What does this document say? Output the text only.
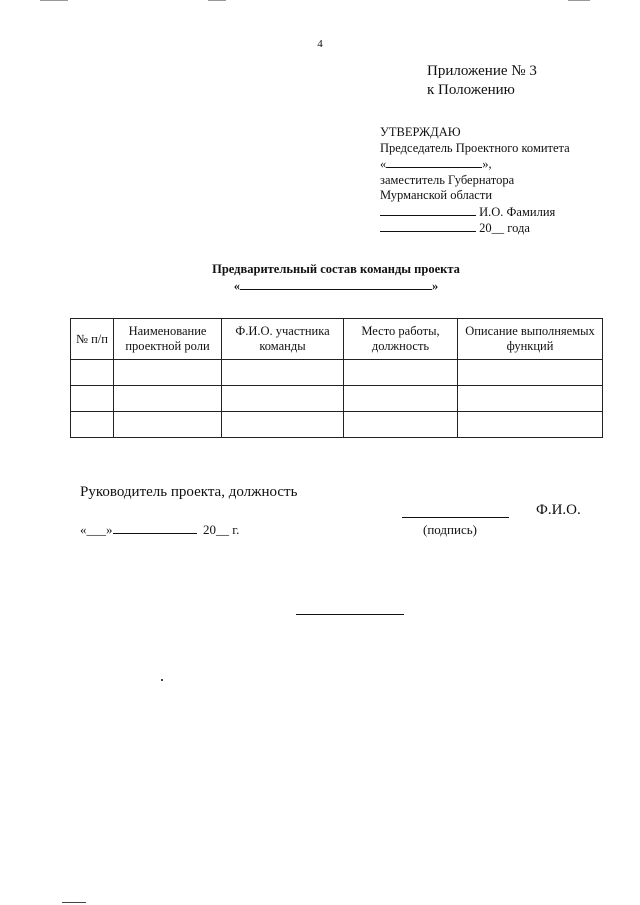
4
Приложение № 3
к Положению
УТВЕРЖДАЮ
Председатель Проектного комитета
«	»,
заместитель Губернатора
Мурманской области
И.О. Фамилия
20__ года
Предварительный состав команды проекта
«	»
№ п/п	Наименование проектной роли	Ф.И.О. участника команды	Место работы, должность	Описание выполняемых функций

Руководитель проекта, должность
Ф.И.О.
«___»	20__ г.	(подпись)
